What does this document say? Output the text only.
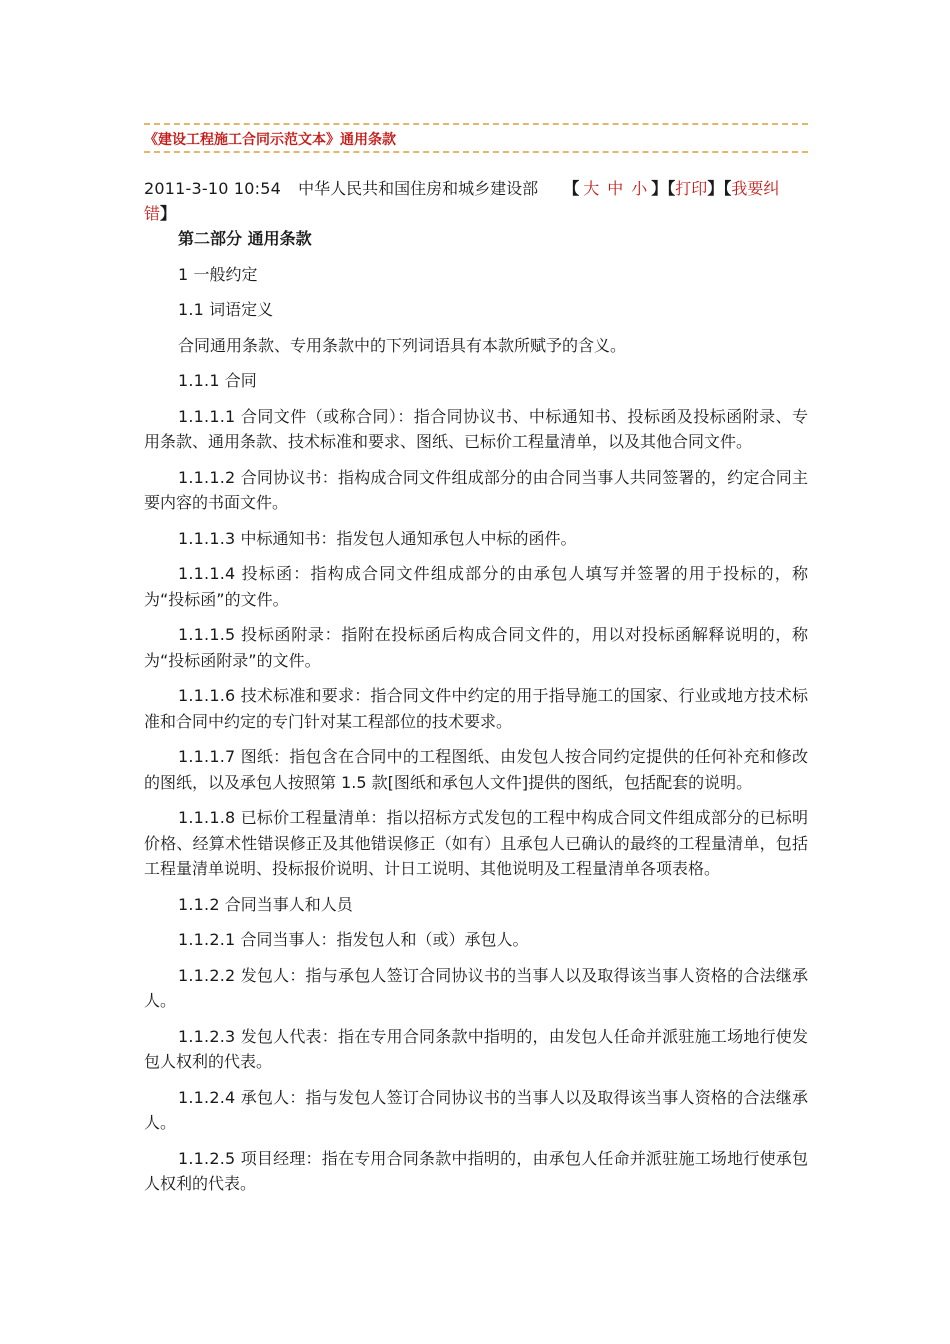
《建设工程施工合同示范文本》通用条款
2011-3-10 10:54 中华人民共和国住房和城乡建设部 【 大 中 小 】【打印】【我要纠错】

第二部分 通用条款

1 一般约定

1.1 词语定义

合同通用条款、专用条款中的下列词语具有本款所赋予的含义。

1.1.1 合同

1.1.1.1 合同文件（或称合同）：指合同协议书、中标通知书、投标函及投标函附录、专用条款、通用条款、技术标准和要求、图纸、已标价工程量清单，以及其他合同文件。

1.1.1.2 合同协议书：指构成合同文件组成部分的由合同当事人共同签署的，约定合同主要内容的书面文件。

1.1.1.3 中标通知书：指发包人通知承包人中标的函件。

1.1.1.4 投标函：指构成合同文件组成部分的由承包人填写并签署的用于投标的，称为“投标函”的文件。

1.1.1.5 投标函附录：指附在投标函后构成合同文件的，用以对投标函解释说明的，称为“投标函附录”的文件。

1.1.1.6 技术标准和要求：指合同文件中约定的用于指导施工的国家、行业或地方技术标准和合同中约定的专门针对某工程部位的技术要求。

1.1.1.7 图纸：指包含在合同中的工程图纸、由发包人按合同约定提供的任何补充和修改的图纸，以及承包人按照第 1.5 款[图纸和承包人文件]提供的图纸，包括配套的说明。

1.1.1.8 已标价工程量清单：指以招标方式发包的工程中构成合同文件组成部分的已标明价格、经算术性错误修正及其他错误修正（如有）且承包人已确认的最终的工程量清单，包括工程量清单说明、投标报价说明、计日工说明、其他说明及工程量清单各项表格。

1.1.2 合同当事人和人员

1.1.2.1 合同当事人：指发包人和（或）承包人。

1.1.2.2 发包人：指与承包人签订合同协议书的当事人以及取得该当事人资格的合法继承人。

1.1.2.3 发包人代表：指在专用合同条款中指明的，由发包人任命并派驻施工场地行使发包人权利的代表。

1.1.2.4 承包人：指与发包人签订合同协议书的当事人以及取得该当事人资格的合法继承人。

1.1.2.5 项目经理：指在专用合同条款中指明的，由承包人任命并派驻施工场地行使承包人权利的代表。
